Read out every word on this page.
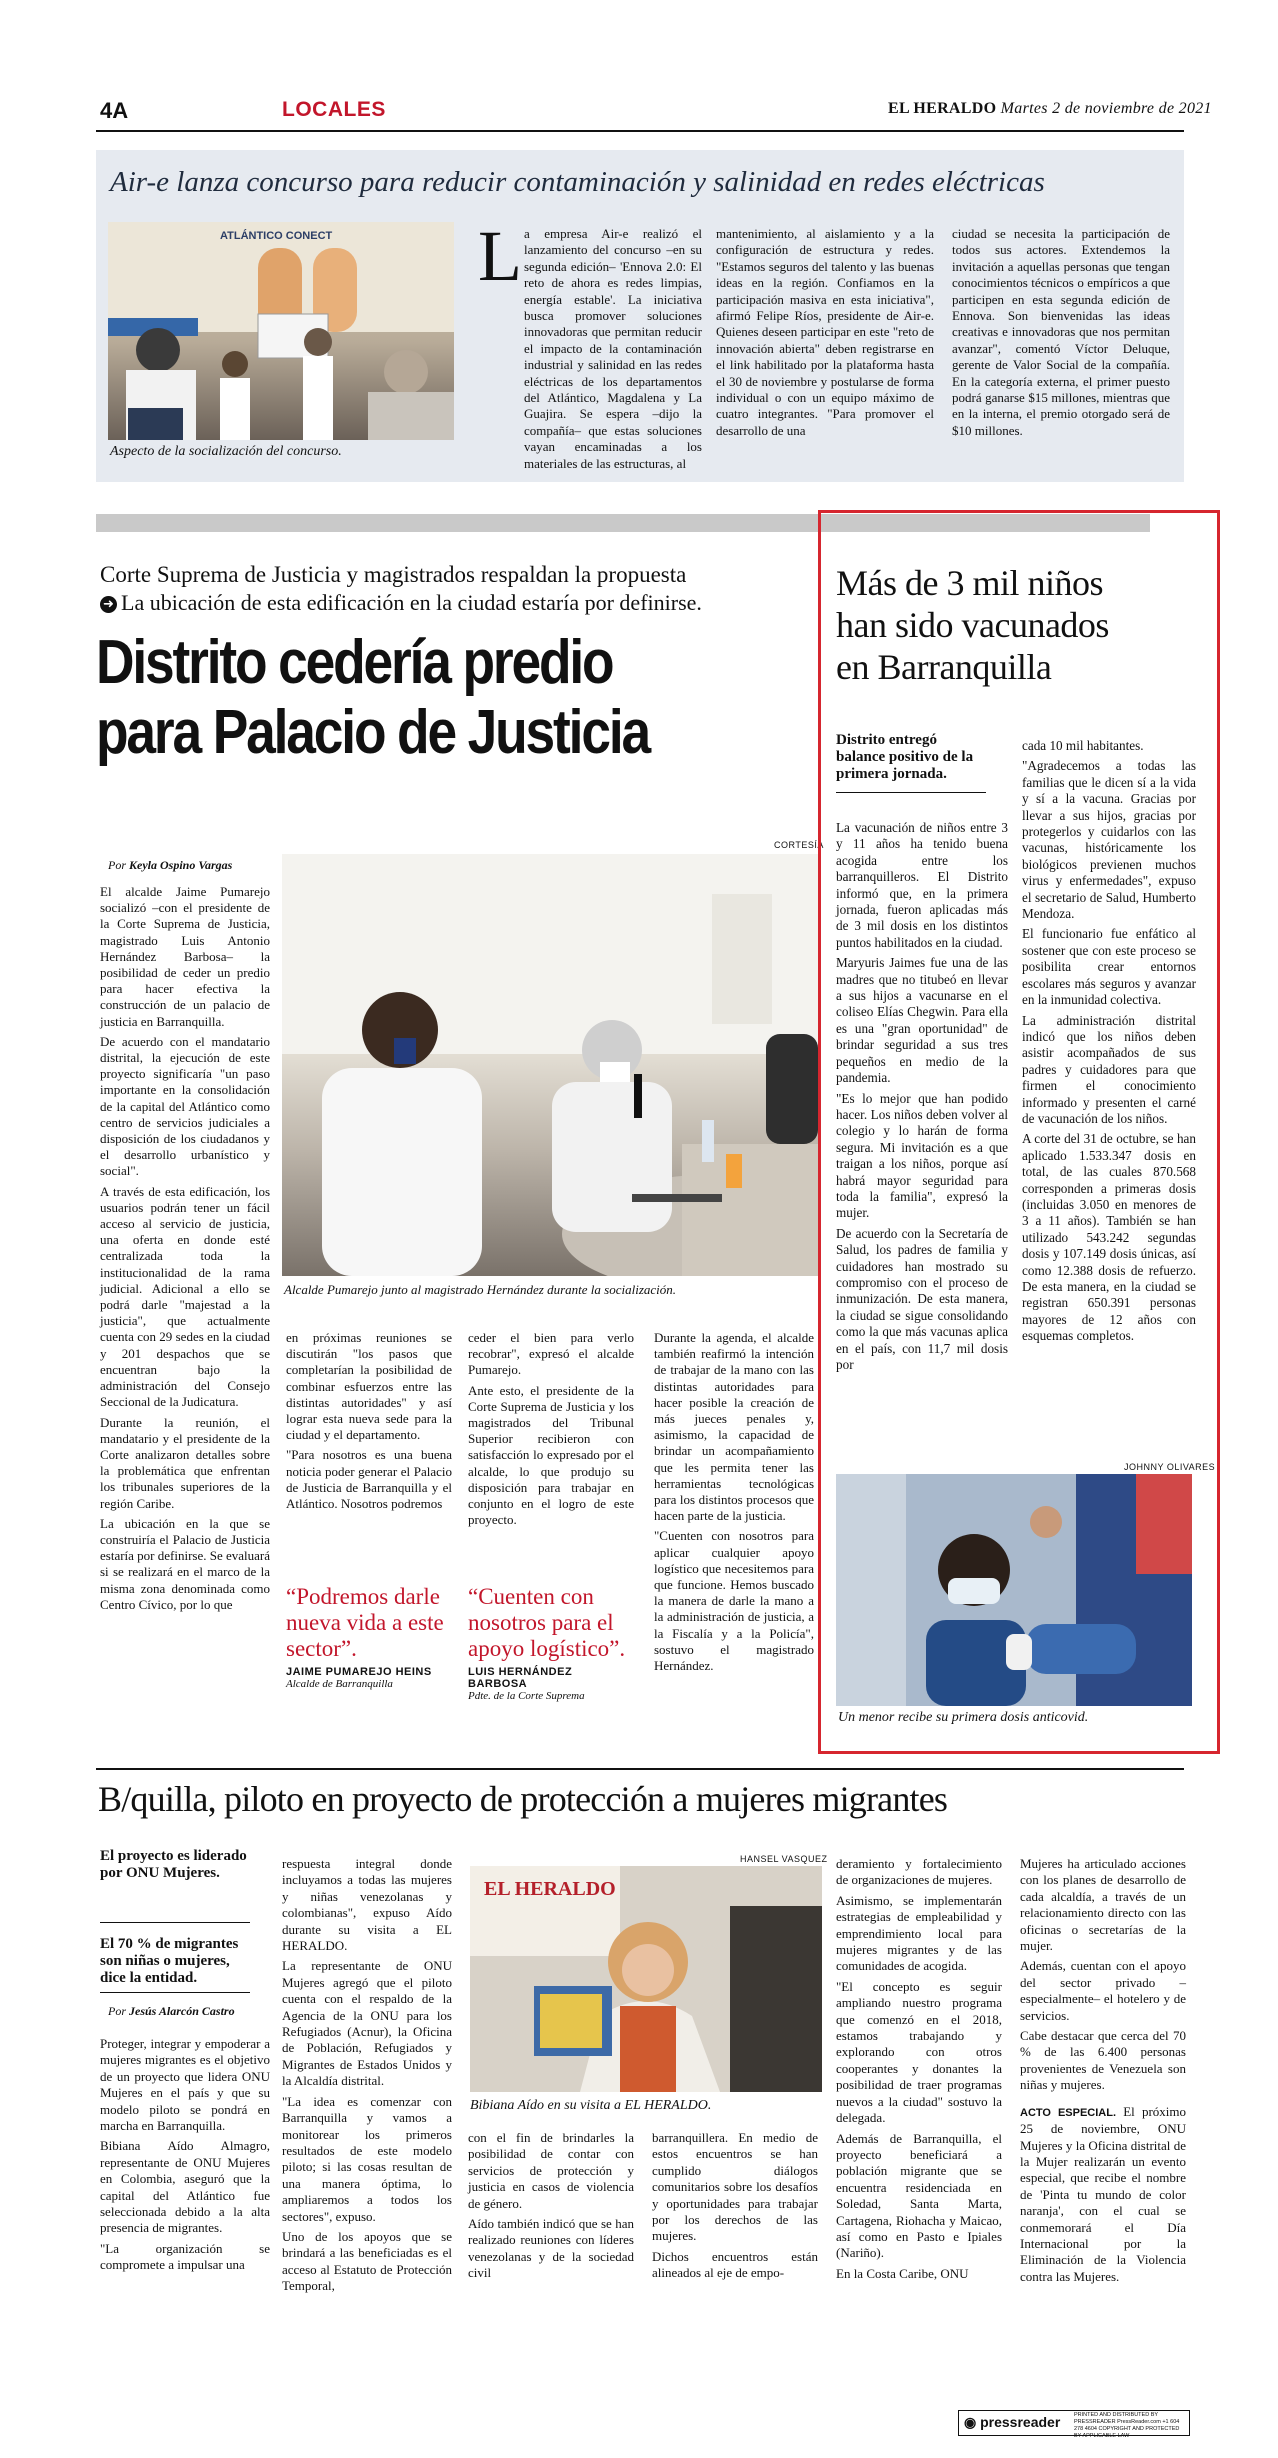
4A	LOCALES	EL HERALDO Martes 2 de noviembre de 2021
Air-e lanza concurso para reducir contaminación y salinidad en redes eléctricas
ATLÁNTICO CONECT
Aspecto de la socialización del concurso.
L a empresa Air-e realizó el lanzamiento del concurso –en su segunda edición– 'Ennova 2.0: El reto de ahora es redes limpias, energía estable'. La iniciativa busca promover soluciones innovadoras que permitan reducir el impacto de la contaminación industrial y salinidad en las redes eléctricas de los departamentos del Atlántico, Magdalena y La Guajira. Se espera –dijo la compañía– que estas soluciones vayan encaminadas a los materiales de las estructuras, al

mantenimiento, al aislamiento y a la configuración de estructura y redes. "Estamos seguros del talento y las buenas ideas en la región. Confiamos en la participación masiva en esta iniciativa", afirmó Felipe Ríos, presidente de Air-e. Quienes deseen participar en este "reto de innovación abierta" deben registrarse en el link habilitado por la plataforma hasta el 30 de noviembre y postularse de forma individual o con un equipo máximo de cuatro integrantes. "Para promover el desarrollo de una

ciudad se necesita la participación de todos sus actores. Extendemos la invitación a aquellas personas que tengan conocimientos técnicos o empíricos a que participen en esta segunda edición de Ennova. Son bienvenidas las ideas creativas e innovadoras que nos permitan avanzar", comentó Víctor Deluque, gerente de Valor Social de la compañía. En la categoría externa, el primer puesto podrá ganarse $15 millones, mientras que en la interna, el premio otorgado será de $10 millones.

Corte Suprema de Justicia y magistrados respaldan la propuesta
➜ La ubicación de esta edificación en la ciudad estaría por definirse.
Distrito cedería predio
para Palacio de Justicia
Por Keyla Ospino Vargas
CORTESÍA
Alcalde Pumarejo junto al magistrado Hernández durante la socialización.

El alcalde Jaime Pumarejo socializó –con el presidente de la Corte Suprema de Justicia, magistrado Luis Antonio Hernández Barbosa– la posibilidad de ceder un predio para hacer efectiva la construcción de un palacio de justicia en Barranquilla.

De acuerdo con el mandatario distrital, la ejecución de este proyecto significaría "un paso importante en la consolidación de la capital del Atlántico como centro de servicios judiciales a disposición de los ciudadanos y el desarrollo urbanístico y social".

A través de esta edificación, los usuarios podrán tener un fácil acceso al servicio de justicia, una oferta en donde esté centralizada toda la institucionalidad de la rama judicial. Adicional a ello se podrá darle "majestad a la justicia", que actualmente cuenta con 29 sedes en la ciudad y 201 despachos que se encuentran bajo la administración del Consejo Seccional de la Judicatura.

Durante la reunión, el mandatario y el presidente de la Corte analizaron detalles sobre la problemática que enfrentan los tribunales superiores de la región Caribe.

La ubicación en la que se construiría el Palacio de Justicia estaría por definirse. Se evaluará si se realizará en el marco de la misma zona denominada como Centro Cívico, por lo que

en próximas reuniones se discutirán "los pasos que completarían la posibilidad de combinar esfuerzos entre las distintas autoridades" y así lograr esta nueva sede para la ciudad y el departamento.

"Para nosotros es una buena noticia poder generar el Palacio de Justicia de Barranquilla y el Atlántico. Nosotros podremos

ceder el bien para verlo recobrar", expresó el alcalde Pumarejo.

Ante esto, el presidente de la Corte Suprema de Justicia y los magistrados del Tribunal Superior recibieron con satisfacción lo expresado por el alcalde, lo que produjo su disposición para trabajar en conjunto en el logro de este proyecto.

Durante la agenda, el alcalde también reafirmó la intención de trabajar de la mano con las distintas autoridades para hacer posible la creación de más jueces penales y, asimismo, la capacidad de brindar un acompañamiento que les permita tener las herramientas tecnológicas para los distintos procesos que hacen parte de la justicia.

"Cuenten con nosotros para aplicar cualquier apoyo logístico que necesitemos para que funcione. Hemos buscado la manera de darle la mano a la administración de justicia, a la Fiscalía y a la Policía", sostuvo el magistrado Hernández.

“Podremos darle nueva vida a este sector”.
JAIME PUMAREJO HEINS
Alcalde de Barranquilla
“Cuenten con nosotros para el apoyo logístico”.
LUIS HERNÁNDEZ BARBOSA
Pdte. de la Corte Suprema
Más de 3 mil niños
han sido vacunados
en Barranquilla
Distrito entregó balance positivo de la primera jornada.

La vacunación de niños entre 3 y 11 años ha tenido buena acogida entre los barranquilleros. El Distrito informó que, en la primera jornada, fueron aplicadas más de 3 mil dosis en los distintos puntos habilitados en la ciudad.

Maryuris Jaimes fue una de las madres que no titubeó en llevar a sus hijos a vacunarse en el coliseo Elías Chegwin. Para ella es una "gran oportunidad" de brindar seguridad a sus tres pequeños en medio de la pandemia.

"Es lo mejor que han podido hacer. Los niños deben volver al colegio y lo harán de forma segura. Mi invitación es a que traigan a los niños, porque así habrá mayor seguridad para toda la familia", expresó la mujer.

De acuerdo con la Secretaría de Salud, los padres de familia y cuidadores han mostrado su compromiso con el proceso de inmunización. De esta manera, la ciudad se sigue consolidando como la que más vacunas aplica en el país, con 11,7 mil dosis por

cada 10 mil habitantes.

"Agradecemos a todas las familias que le dicen sí a la vida y sí a la vacuna. Gracias por llevar a sus hijos, gracias por protegerlos y cuidarlos con las vacunas, históricamente los biológicos previenen muchos virus y enfermedades", expuso el secretario de Salud, Humberto Mendoza.

El funcionario fue enfático al sostener que con este proceso se posibilita crear entornos escolares más seguros y avanzar en la inmunidad colectiva.

La administración distrital indicó que los niños deben asistir acompañados de sus padres y cuidadores para que firmen el conocimiento informado y presenten el carné de vacunación de los niños.

A corte del 31 de octubre, se han aplicado 1.533.347 dosis en total, de las cuales 870.568 corresponden a primeras dosis (incluidas 3.050 en menores de 3 a 11 años). También se han utilizado 543.242 segundas dosis y 107.149 dosis únicas, así como 12.388 dosis de refuerzo. De esta manera, en la ciudad se registran 650.391 personas mayores de 12 años con esquemas completos.

JOHNNY OLIVARES
Un menor recibe su primera dosis anticovid.
B/quilla, piloto en proyecto de protección a mujeres migrantes
El proyecto es liderado por ONU Mujeres.
El 70 % de migrantes son niñas o mujeres, dice la entidad.
Por Jesús Alarcón Castro

Proteger, integrar y empoderar a mujeres migrantes es el objetivo de un proyecto que lidera ONU Mujeres en el país y que su modelo piloto se pondrá en marcha en Barranquilla.

Bibiana Aído Almagro, representante de ONU Mujeres en Colombia, aseguró que la capital del Atlántico fue seleccionada debido a la alta presencia de migrantes.

"La organización se compromete a impulsar una

respuesta integral donde incluyamos a todas las mujeres y niñas venezolanas y colombianas", expuso Aído durante su visita a EL HERALDO.

La representante de ONU Mujeres agregó que el piloto cuenta con el respaldo de la Agencia de la ONU para los Refugiados (Acnur), la Oficina de Población, Refugiados y Migrantes de Estados Unidos y la Alcaldía distrital.

"La idea es comenzar con Barranquilla y vamos a monitorear los primeros resultados de este modelo piloto; si las cosas resultan de una manera óptima, lo ampliaremos a todos los sectores", expuso.

Uno de los apoyos que se brindará a las beneficiadas es el acceso al Estatuto de Protección Temporal,

HANSEL VASQUEZ
EL HERALDO
Bibiana Aído en su visita a EL HERALDO.

con el fin de brindarles la posibilidad de contar con servicios de protección y justicia en casos de violencia de género.

Aído también indicó que se han realizado reuniones con líderes venezolanas y de la sociedad civil

barranquillera. En medio de estos encuentros se han cumplido diálogos comunitarios sobre los desafíos y oportunidades para trabajar por los derechos de las mujeres.

Dichos encuentros están alineados al eje de empo-

deramiento y fortalecimiento de organizaciones de mujeres.

Asimismo, se implementarán estrategias de empleabilidad y emprendimiento local para mujeres migrantes y de las comunidades de acogida.

"El concepto es seguir ampliando nuestro programa que comenzó en el 2018, estamos trabajando y explorando con otros cooperantes y donantes la posibilidad de traer programas nuevos a la ciudad" sostuvo la delegada.

Además de Barranquilla, el proyecto beneficiará a población migrante que se encuentra residenciada en Soledad, Santa Marta, Cartagena, Riohacha y Maicao, así como en Pasto e Ipiales (Nariño).

En la Costa Caribe, ONU

Mujeres ha articulado acciones con los planes de desarrollo de cada alcaldía, a través de un relacionamiento directo con las oficinas o secretarías de la mujer.

Además, cuentan con el apoyo del sector privado –especialmente– el hotelero y de servicios.

Cabe destacar que cerca del 70 % de las 6.400 personas provenientes de Venezuela son niñas y mujeres.

ACTO ESPECIAL. El próximo 25 de noviembre, ONU Mujeres y la Oficina distrital de la Mujer realizarán un evento especial, que recibe el nombre de 'Pinta tu mundo de color naranja', con el cual se conmemorará el Día Internacional por la Eliminación de la Violencia contra las Mujeres.

◉ pressreader PRINTED AND DISTRIBUTED BY PRESSREADER PressReader.com +1 604 278 4604 COPYRIGHT AND PROTECTED BY APPLICABLE LAW
